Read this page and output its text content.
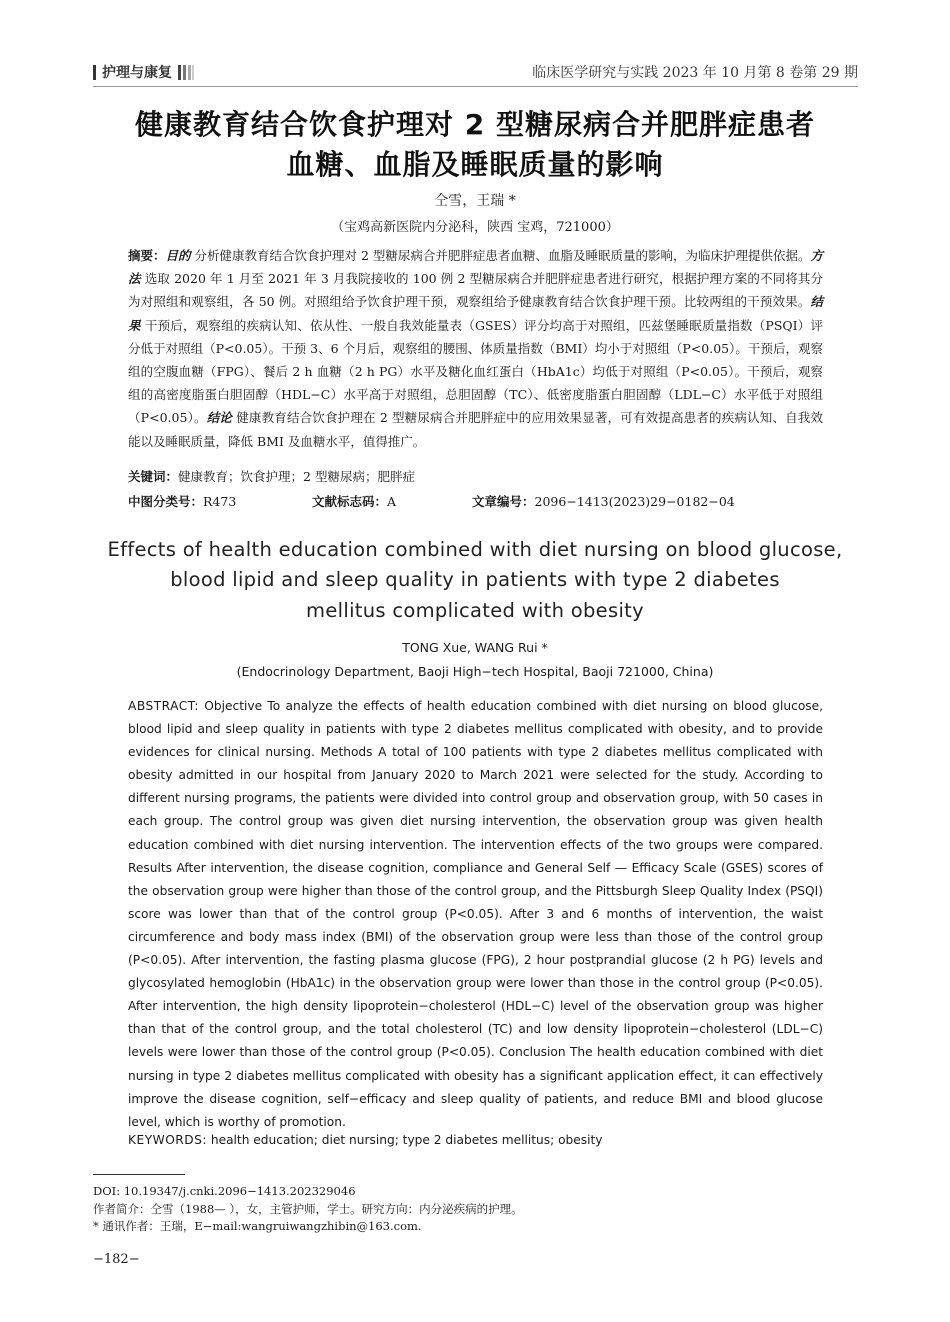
护理与康复	临床医学研究与实践 2023 年 10 月第 8 卷第 29 期
健康教育结合饮食护理对 2 型糖尿病合并肥胖症患者
血糖、血脂及睡眠质量的影响
仝雪，王瑞 *
（宝鸡高新医院内分泌科，陕西 宝鸡，721000）

摘要：目的 分析健康教育结合饮食护理对 2 型糖尿病合并肥胖症患者血糖、血脂及睡眠质量的影响，为临床护理提供依据。方法 选取 2020 年 1 月至 2021 年 3 月我院接收的 100 例 2 型糖尿病合并肥胖症患者进行研究，根据护理方案的不同将其分为对照组和观察组，各 50 例。对照组给予饮食护理干预，观察组给予健康教育结合饮食护理干预。比较两组的干预效果。结果 干预后，观察组的疾病认知、依从性、一般自我效能量表（GSES）评分均高于对照组，匹兹堡睡眠质量指数（PSQI）评分低于对照组（P<0.05）。干预 3、6 个月后，观察组的腰围、体质量指数（BMI）均小于对照组（P<0.05）。干预后，观察组的空腹血糖（FPG）、餐后 2 h 血糖（2 h PG）水平及糖化血红蛋白（HbA1c）均低于对照组（P<0.05）。干预后，观察组的高密度脂蛋白胆固醇（HDL−C）水平高于对照组，总胆固醇（TC）、低密度脂蛋白胆固醇（LDL−C）水平低于对照组（P<0.05）。结论 健康教育结合饮食护理在 2 型糖尿病合并肥胖症中的应用效果显著，可有效提高患者的疾病认知、自我效能以及睡眠质量，降低 BMI 及血糖水平，值得推广。

关键词：健康教育；饮食护理；2 型糖尿病；肥胖症
中图分类号：R473	文献标志码：A	文章编号：2096−1413(2023)29−0182−04
Effects of health education combined with diet nursing on blood glucose,
blood lipid and sleep quality in patients with type 2 diabetes
mellitus complicated with obesity
TONG Xue, WANG Rui *
(Endocrinology Department, Baoji High−tech Hospital, Baoji 721000, China)

ABSTRACT: Objective To analyze the effects of health education combined with diet nursing on blood glucose, blood lipid and sleep quality in patients with type 2 diabetes mellitus complicated with obesity, and to provide evidences for clinical nursing. Methods A total of 100 patients with type 2 diabetes mellitus complicated with obesity admitted in our hospital from January 2020 to March 2021 were selected for the study. According to different nursing programs, the patients were divided into control group and observation group, with 50 cases in each group. The control group was given diet nursing intervention, the observation group was given health education combined with diet nursing intervention. The intervention effects of the two groups were compared. Results After intervention, the disease cognition, compliance and General Self — Efficacy Scale (GSES) scores of the observation group were higher than those of the control group, and the Pittsburgh Sleep Quality Index (PSQI) score was lower than that of the control group (P<0.05). After 3 and 6 months of intervention, the waist circumference and body mass index (BMI) of the observation group were less than those of the control group (P<0.05). After intervention, the fasting plasma glucose (FPG), 2 hour postprandial glucose (2 h PG) levels and glycosylated hemoglobin (HbA1c) in the observation group were lower than those in the control group (P<0.05). After intervention, the high density lipoprotein−cholesterol (HDL−C) level of the observation group was higher than that of the control group, and the total cholesterol (TC) and low density lipoprotein−cholesterol (LDL−C) levels were lower than those of the control group (P<0.05). Conclusion The health education combined with diet nursing in type 2 diabetes mellitus complicated with obesity has a significant application effect, it can effectively improve the disease cognition, self−efficacy and sleep quality of patients, and reduce BMI and blood glucose level, which is worthy of promotion.

KEYWORDS: health education; diet nursing; type 2 diabetes mellitus; obesity
DOI: 10.19347/j.cnki.2096−1413.202329046
作者简介：仝雪（1988— ），女，主管护师，学士。研究方向：内分泌疾病的护理。
* 通讯作者：王瑞，E−mail:wangruiwangzhibin@163.com.
−182−
